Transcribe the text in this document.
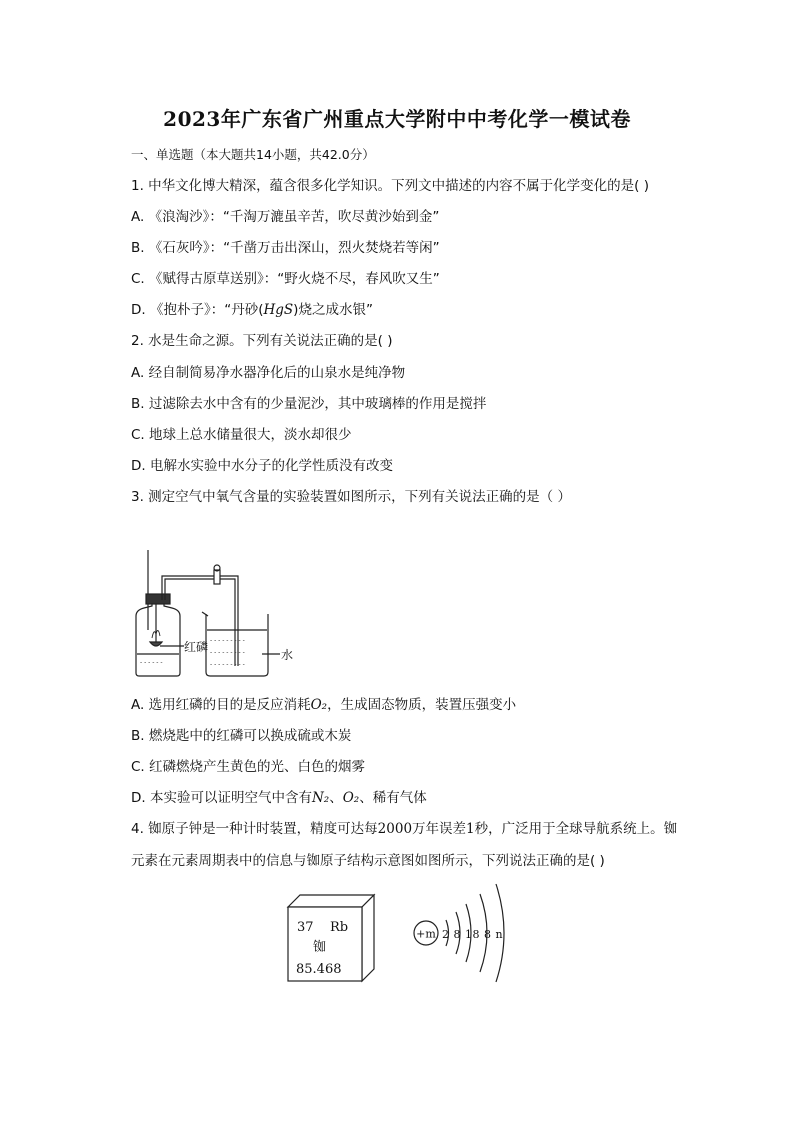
2023年广东省广州重点大学附中中考化学一模试卷
一、单选题（本大题共14小题，共42.0分）
1. 中华文化博大精深，蕴含很多化学知识。下列文中描述的内容不属于化学变化的是( )
A. 《浪淘沙》：“千淘万漉虽辛苦，吹尽黄沙始到金”
B. 《石灰吟》：“千凿万击出深山，烈火焚烧若等闲”
C. 《赋得古原草送别》：“野火烧不尽，春风吹又生”
D. 《抱朴子》：“丹砂(HgS)烧之成水银”
2. 水是生命之源。下列有关说法正确的是( )
A. 经自制简易净水器净化后的山泉水是纯净物
B. 过滤除去水中含有的少量泥沙，其中玻璃棒的作用是搅拌
C. 地球上总水储量很大，淡水却很少
D. 电解水实验中水分子的化学性质没有改变
3. 测定空气中氧气含量的实验装置如图所示，下列有关说法正确的是（ ）
- - - - - -
- - - - - - - - -
- - - - - - - - -
- - - - - - - - -
红磷
水
A. 选用红磷的目的是反应消耗O₂，生成固态物质，装置压强变小
B. 燃烧匙中的红磷可以换成硫或木炭
C. 红磷燃烧产生黄色的光、白色的烟雾
D. 本实验可以证明空气中含有N₂、O₂、稀有气体
4. 铷原子钟是一种计时装置，精度可达每2000万年误差1秒，广泛用于全球导航系统上。铷
元素在元素周期表中的信息与铷原子结构示意图如图所示，下列说法正确的是( )
37 Rb
铷
85.468
+m 2 8 18 8 n
